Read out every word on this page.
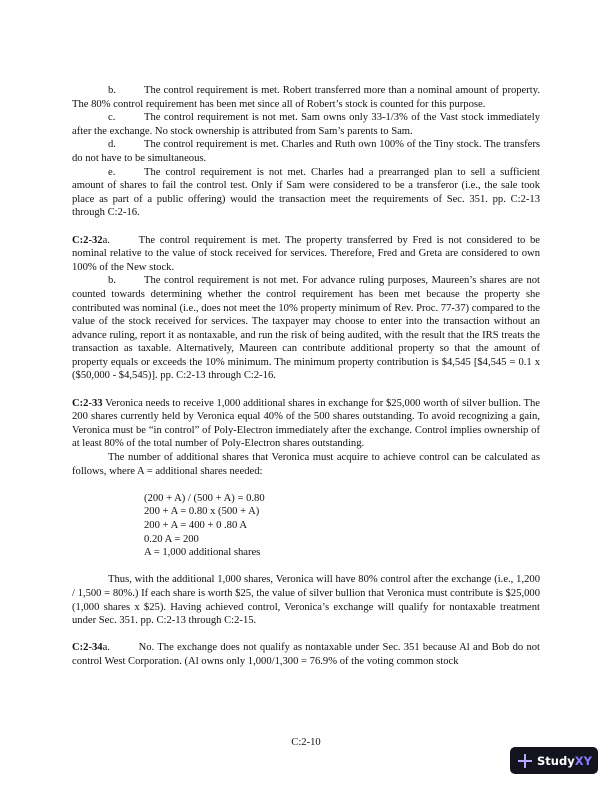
b.	The control requirement is met. Robert transferred more than a nominal amount of property. The 80% control requirement has been met since all of Robert’s stock is counted for this purpose.

c.	The control requirement is not met. Sam owns only 33-1/3% of the Vast stock immediately after the exchange. No stock ownership is attributed from Sam’s parents to Sam.

d.	The control requirement is met. Charles and Ruth own 100% of the Tiny stock. The transfers do not have to be simultaneous.

e.	The control requirement is not met. Charles had a prearranged plan to sell a sufficient amount of shares to fail the control test. Only if Sam were considered to be a transferor (i.e., the sale took place as part of a public offering) would the transaction meet the requirements of Sec. 351. pp. C:2-13 through C:2-16.

C:2-32a.	The control requirement is met. The property transferred by Fred is not considered to be nominal relative to the value of stock received for services. Therefore, Fred and Greta are considered to own 100% of the New stock.

b.	The control requirement is not met. For advance ruling purposes, Maureen’s shares are not counted towards determining whether the control requirement has been met because the property she contributed was nominal (i.e., does not meet the 10% property minimum of Rev. Proc. 77-37) compared to the value of the stock received for services. The taxpayer may choose to enter into the transaction without an advance ruling, report it as nontaxable, and run the risk of being audited, with the result that the IRS treats the transaction as taxable. Alternatively, Maureen can contribute additional property so that the amount of property equals or exceeds the 10% minimum. The minimum property contribution is $4,545 [$4,545 = 0.1 x ($50,000 - $4,545)]. pp. C:2-13 through C:2-16.

C:2-33 Veronica needs to receive 1,000 additional shares in exchange for $25,000 worth of silver bullion. The 200 shares currently held by Veronica equal 40% of the 500 shares outstanding. To avoid recognizing a gain, Veronica must be “in control” of Poly-Electron immediately after the exchange. Control implies ownership of at least 80% of the total number of Poly-Electron shares outstanding.

The number of additional shares that Veronica must acquire to achieve control can be calculated as follows, where A = additional shares needed:

(200 + A) / (500 + A) = 0.80
200 + A = 0.80 x (500 + A)
200 + A = 400 + 0 .80 A
0.20 A = 200
A = 1,000 additional shares

Thus, with the additional 1,000 shares, Veronica will have 80% control after the exchange (i.e., 1,200 / 1,500 = 80%.) If each share is worth $25, the value of silver bullion that Veronica must contribute is $25,000 (1,000 shares x $25). Having achieved control, Veronica’s exchange will qualify for nontaxable treatment under Sec. 351. pp. C:2-13 through C:2-15.

C:2-34a.	No. The exchange does not qualify as nontaxable under Sec. 351 because Al and Bob do not control West Corporation. (Al owns only 1,000/1,300 = 76.9% of the voting common stock

C:2-10
Study XY
